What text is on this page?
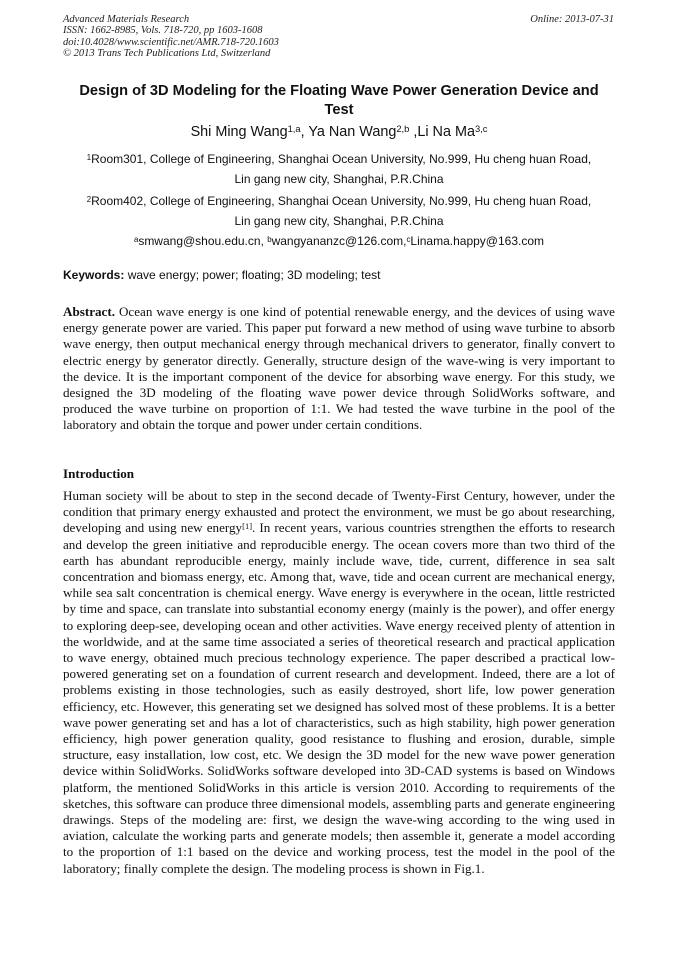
Advanced Materials Research
ISSN: 1662-8985, Vols. 718-720, pp 1603-1608
doi:10.4028/www.scientific.net/AMR.718-720.1603
© 2013 Trans Tech Publications Ltd, Switzerland
Online: 2013-07-31
Design of 3D Modeling for the Floating Wave Power Generation Device and Test
Shi Ming Wang$^{1,a}$, Ya Nan Wang$^{2,b}$ ,Li Na Ma$^{3,c}$
$^1$Room301, College of Engineering, Shanghai Ocean University, No.999, Hu cheng huan Road,
Lin gang new city, Shanghai, P.R.China
$^2$Room402, College of Engineering, Shanghai Ocean University, No.999, Hu cheng huan Road,
Lin gang new city, Shanghai, P.R.China
$^a$smwang@shou.edu.cn, $^b$wangyananzc@126.com,$^c$Linama.happy@163.com
Keywords: wave energy; power; floating; 3D modeling; test
Abstract. Ocean wave energy is one kind of potential renewable energy, and the devices of using wave energy generate power are varied. This paper put forward a new method of using wave turbine to absorb wave energy, then output mechanical energy through mechanical drivers to generator, finally convert to electric energy by generator directly. Generally, structure design of the wave-wing is very important to the device. It is the important component of the device for absorbing wave energy. For this study, we designed the 3D modeling of the floating wave power device through SolidWorks software, and produced the wave turbine on proportion of 1:1. We had tested the wave turbine in the pool of the laboratory and obtain the torque and power under certain conditions.
Introduction
Human society will be about to step in the second decade of Twenty-First Century, however, under the condition that primary energy exhausted and protect the environment, we must be go about researching, developing and using new energy[1]. In recent years, various countries strengthen the efforts to research and develop the green initiative and reproducible energy. The ocean covers more than two third of the earth has abundant reproducible energy, mainly include wave, tide, current, difference in sea salt concentration and biomass energy, etc. Among that, wave, tide and ocean current are mechanical energy, while sea salt concentration is chemical energy. Wave energy is everywhere in the ocean, little restricted by time and space, can translate into substantial economy energy (mainly is the power), and offer energy to exploring deep-see, developing ocean and other activities. Wave energy received plenty of attention in the worldwide, and at the same time associated a series of theoretical research and practical application to wave energy, obtained much precious technology experience. The paper described a practical low-powered generating set on a foundation of current research and development. Indeed, there are a lot of problems existing in those technologies, such as easily destroyed, short life, low power generation efficiency, etc. However, this generating set we designed has solved most of these problems. It is a better wave power generating set and has a lot of characteristics, such as high stability, high power generation efficiency, high power generation quality, good resistance to flushing and erosion, durable, simple structure, easy installation, low cost, etc. We design the 3D model for the new wave power generation device within SolidWorks. SolidWorks software developed into 3D-CAD systems is based on Windows platform, the mentioned SolidWorks in this article is version 2010. According to requirements of the sketches, this software can produce three dimensional models, assembling parts and generate engineering drawings. Steps of the modeling are: first, we design the wave-wing according to the wing used in aviation, calculate the working parts and generate models; then assemble it, generate a model according to the proportion of 1:1 based on the device and working process, test the model in the pool of the laboratory; finally complete the design. The modeling process is shown in Fig.1.
